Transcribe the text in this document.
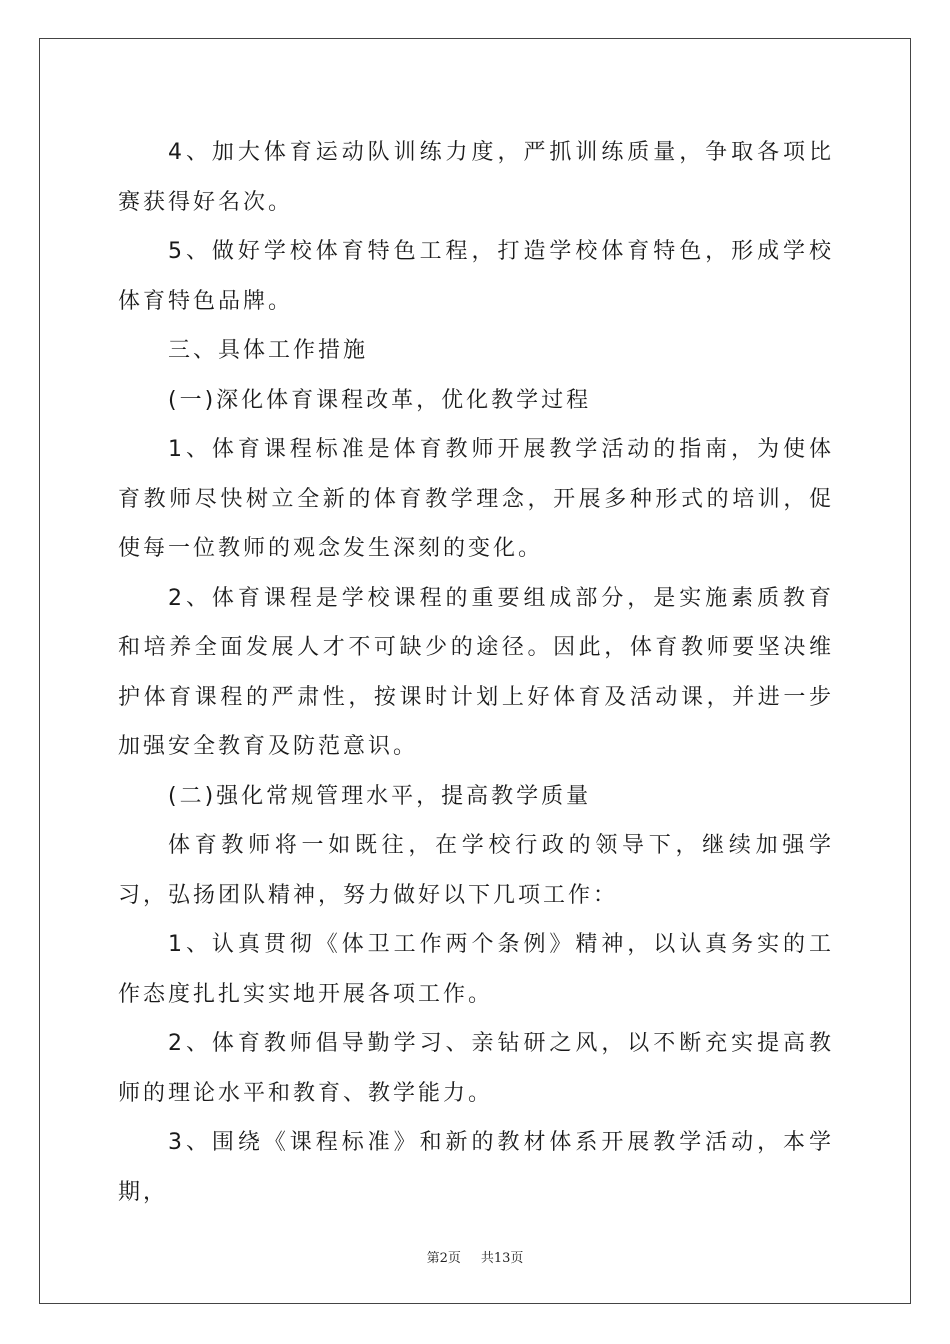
4、加大体育运动队训练力度，严抓训练质量，争取各项比赛获得好名次。

5、做好学校体育特色工程，打造学校体育特色，形成学校体育特色品牌。

三、具体工作措施

(一)深化体育课程改革，优化教学过程

1、体育课程标准是体育教师开展教学活动的指南，为使体育教师尽快树立全新的体育教学理念，开展多种形式的培训，促使每一位教师的观念发生深刻的变化。

2、体育课程是学校课程的重要组成部分，是实施素质教育和培养全面发展人才不可缺少的途径。因此，体育教师要坚决维护体育课程的严肃性，按课时计划上好体育及活动课，并进一步加强安全教育及防范意识。

(二)强化常规管理水平，提高教学质量

体育教师将一如既往，在学校行政的领导下，继续加强学习，弘扬团队精神，努力做好以下几项工作：

1、认真贯彻《体卫工作两个条例》精神，以认真务实的工作态度扎扎实实地开展各项工作。

2、体育教师倡导勤学习、亲钻研之风，以不断充实提高教师的理论水平和教育、教学能力。

3、围绕《课程标准》和新的教材体系开展教学活动，本学期，

第2页 共13页
